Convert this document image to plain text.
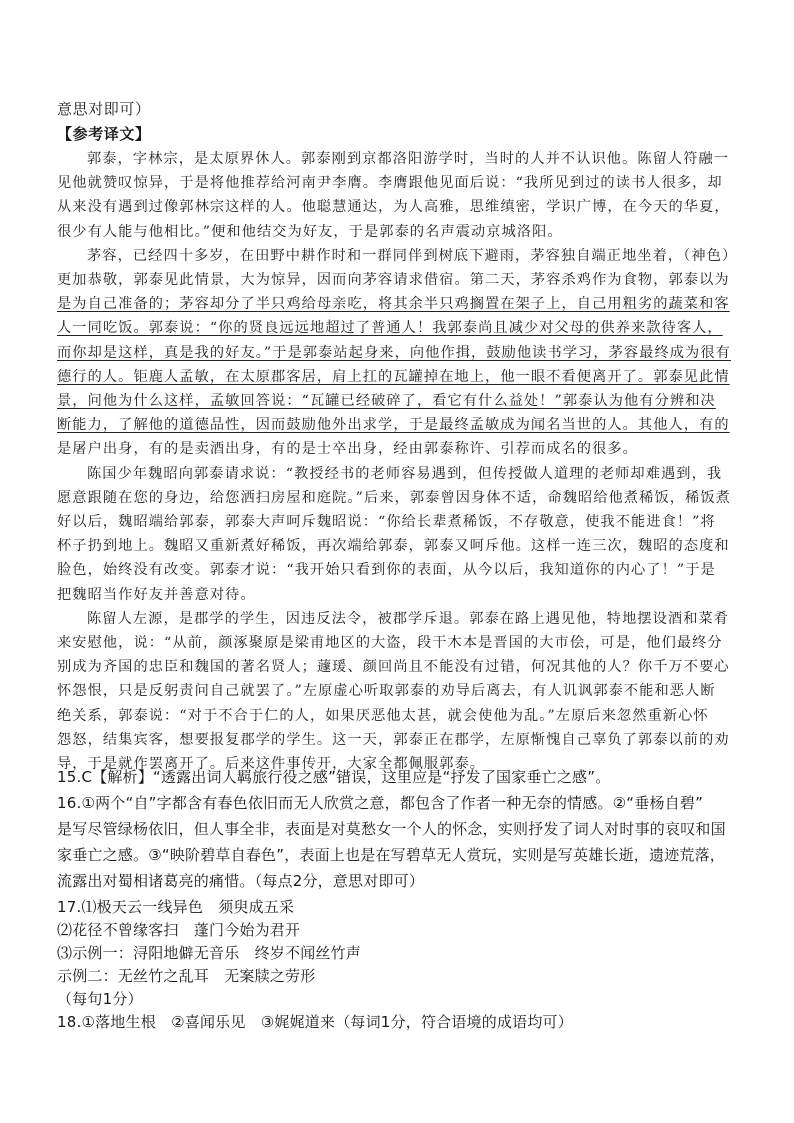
意思对即可）
【参考译文】
郭泰，字林宗，是太原界休人。郭泰刚到京都洛阳游学时，当时的人并不认识他。陈留人符融一
见他就赞叹惊异，于是将他推荐给河南尹李膺。李膺跟他见面后说：“我所见到过的读书人很多，却
从来没有遇到过像郭林宗这样的人。他聪慧通达，为人高雅，思维缜密，学识广博，在今天的华夏，
很少有人能与他相比。”便和他结交为好友，于是郭泰的名声震动京城洛阳。
茅容，已经四十多岁，在田野中耕作时和一群同伴到树底下避雨，茅容独自端正地坐着，（神色）
更加恭敬，郭泰见此情景，大为惊异，因而向茅容请求借宿。第二天，茅容杀鸡作为食物，郭泰以为
是为自己准备的；茅容却分了半只鸡给母亲吃，将其余半只鸡搁置在架子上，自己用粗劣的蔬菜和客
人一同吃饭。郭泰说：“你的贤良远远地超过了普通人！我郭泰尚且减少对父母的供养来款待客人，
而你却是这样，真是我的好友。”于是郭泰站起身来，向他作揖，鼓励他读书学习，茅容最终成为很有
德行的人。钜鹿人孟敏，在太原郡客居，肩上扛的瓦罐掉在地上，他一眼不看便离开了。郭泰见此情
景，问他为什么这样，孟敏回答说：“瓦罐已经破碎了，看它有什么益处！”郭泰认为他有分辨和决
断能力，了解他的道德品性，因而鼓励他外出求学，于是最终孟敏成为闻名当世的人。其他人，有的
是屠户出身，有的是卖酒出身，有的是士卒出身，经由郭泰称许、引荐而成名的很多。
陈国少年魏昭向郭泰请求说：“教授经书的老师容易遇到，但传授做人道理的老师却难遇到，我
愿意跟随在您的身边，给您洒扫房屋和庭院。”后来，郭泰曾因身体不适，命魏昭给他煮稀饭，稀饭煮
好以后，魏昭端给郭泰，郭泰大声呵斥魏昭说：“你给长辈煮稀饭，不存敬意，使我不能进食！”将
杯子扔到地上。魏昭又重新煮好稀饭，再次端给郭泰，郭泰又呵斥他。这样一连三次，魏昭的态度和
脸色，始终没有改变。郭泰才说：“我开始只看到你的表面，从今以后，我知道你的内心了！”于是
把魏昭当作好友并善意对待。
陈留人左源，是郡学的学生，因违反法令，被郡学斥退。郭泰在路上遇见他，特地摆设酒和菜肴
来安慰他，说：“从前，颜涿聚原是梁甫地区的大盗，段干木本是晋国的大市侩，可是，他们最终分
别成为齐国的忠臣和魏国的著名贤人；蘧瑗、颜回尚且不能没有过错，何况其他的人？你千万不要心
怀怨恨，只是反躬责问自己就罢了。”左原虚心听取郭泰的劝导后离去，有人讥讽郭泰不能和恶人断
绝关系，郭泰说：“对于不合于仁的人，如果厌恶他太甚，就会使他为乱。”左原后来忽然重新心怀
怨怒，结集宾客，想要报复郡学的学生。这一天，郭泰正在郡学，左原惭愧自己辜负了郭泰以前的劝
导，于是就作罢离开了。后来这件事传开，大家全都佩服郭泰。
15.C【解析】“透露出词人羁旅行役之感”错误，这里应是“抒发了国家垂亡之感”。
16.①两个“自”字都含有春色依旧而无人欣赏之意，都包含了作者一种无奈的情感。②“垂杨自碧”
是写尽管绿杨依旧，但人事全非，表面是对莫愁女一个人的怀念，实则抒发了词人对时事的哀叹和国
家垂亡之感。③“映阶碧草自春色”，表面上也是在写碧草无人赏玩，实则是写英雄长逝，遗迹荒落，
流露出对蜀相诸葛亮的痛惜。（每点2分，意思对即可）
17.⑴极天云一线异色　须臾成五采
⑵花径不曾缘客扫　蓬门今始为君开
⑶示例一：浔阳地僻无音乐　终岁不闻丝竹声
示例二：无丝竹之乱耳　无案牍之劳形
（每句1分）
18.①落地生根　②喜闻乐见　③娓娓道来（每词1分，符合语境的成语均可）
